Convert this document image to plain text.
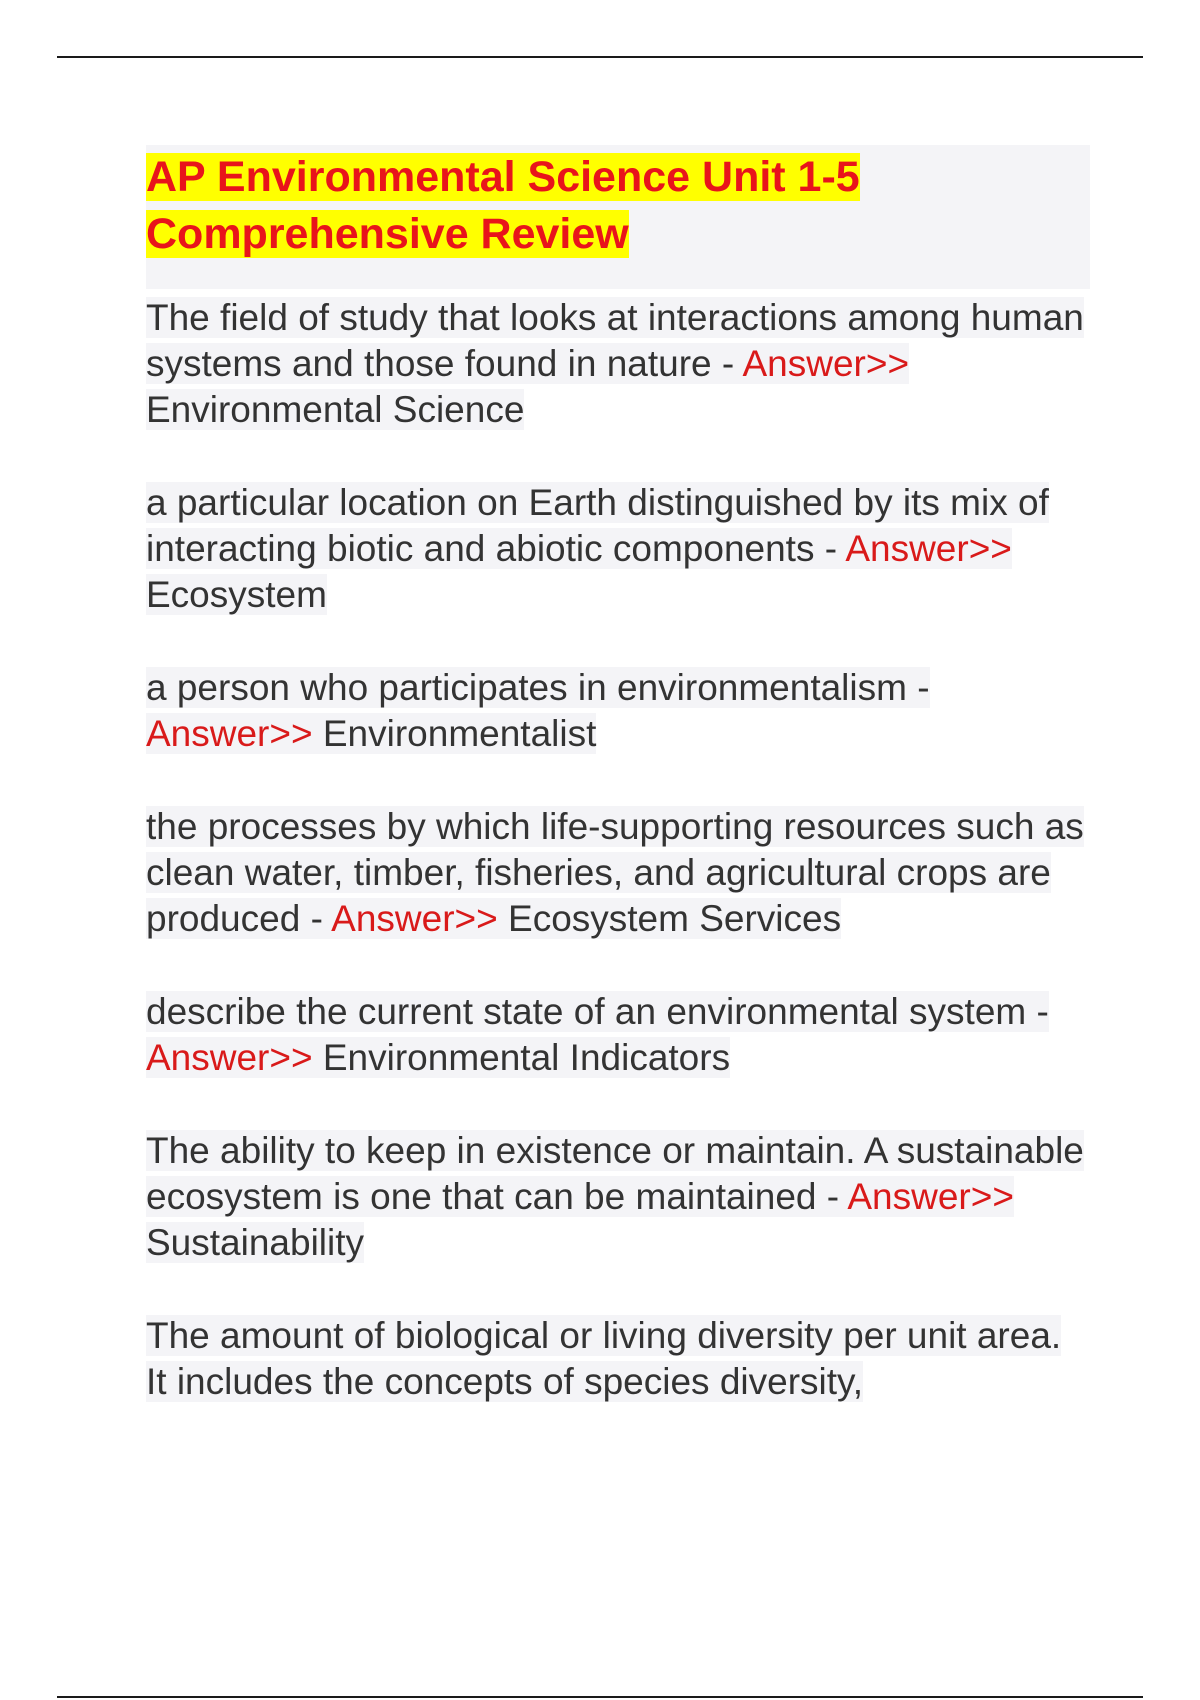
AP Environmental Science Unit 1-5 Comprehensive Review

The field of study that looks at interactions among human systems and those found in nature - Answer>> Environmental Science

a particular location on Earth distinguished by its mix of interacting biotic and abiotic components - Answer>> Ecosystem

a person who participates in environmentalism - Answer>> Environmentalist

the processes by which life-supporting resources such as clean water, timber, fisheries, and agricultural crops are produced - Answer>> Ecosystem Services

describe the current state of an environmental system - Answer>> Environmental Indicators

The ability to keep in existence or maintain. A sustainable ecosystem is one that can be maintained - Answer>> Sustainability

The amount of biological or living diversity per unit area. It includes the concepts of species diversity,
